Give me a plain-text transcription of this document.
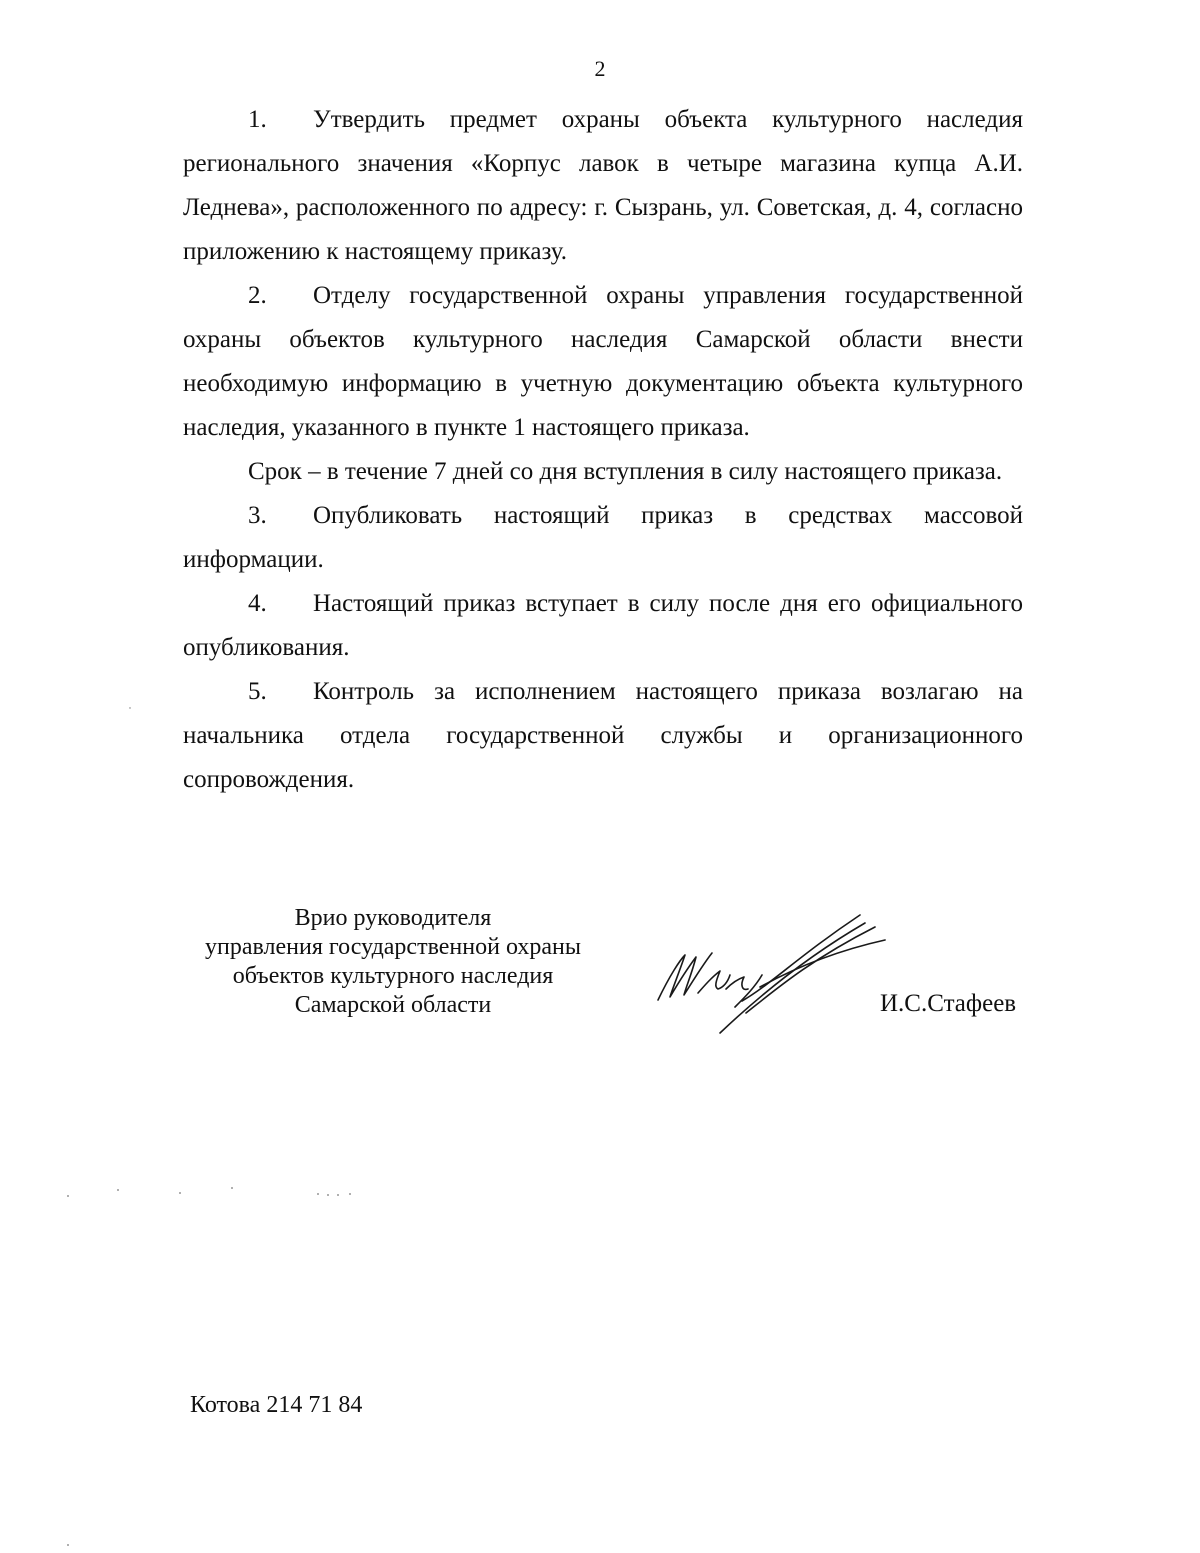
2

1. Утвердить предмет охраны объекта культурного наследия регионального значения «Корпус лавок в четыре магазина купца А.И. Леднева», расположенного по адресу: г. Сызрань, ул. Советская, д. 4, согласно приложению к настоящему приказу.

2. Отделу государственной охраны управления государственной охраны объектов культурного наследия Самарской области внести необходимую информацию в учетную документацию объекта культурного наследия, указанного в пункте 1 настоящего приказа.

Срок – в течение 7 дней со дня вступления в силу настоящего приказа.

3. Опубликовать настоящий приказ в средствах массовой информации.

4. Настоящий приказ вступает в силу после дня его официального опубликования.

5. Контроль за исполнением настоящего приказа возлагаю на начальника отдела государственной службы и организационного сопровождения.

Врио руководителя
управления государственной охраны
объектов культурного наследия
Самарской области	И.С.Стафеев
Котова 214 71 84
